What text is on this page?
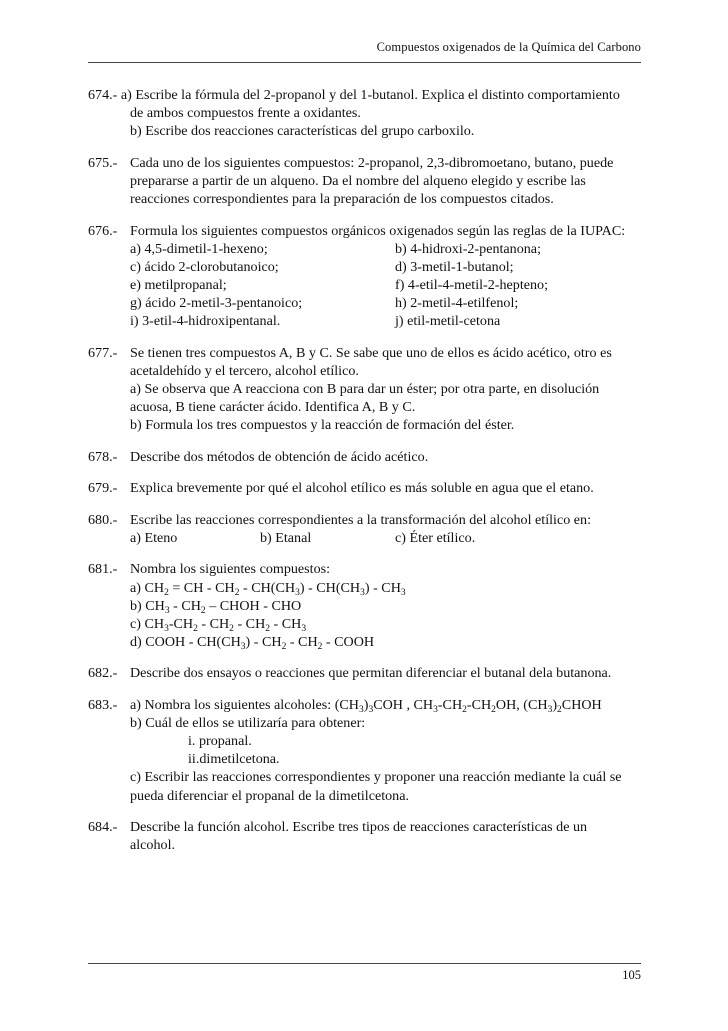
Compuestos oxigenados de la Química del Carbono
674.- a) Escribe la fórmula del 2-propanol y del 1-butanol. Explica el distinto comportamiento
de ambos compuestos frente a oxidantes.
b) Escribe dos reacciones características del grupo carboxilo.
675.- Cada uno de los siguientes compuestos: 2-propanol, 2,3-dibromoetano, butano, puede
prepararse a partir de un alqueno. Da el nombre del alqueno elegido y escribe las
reacciones correspondientes para la preparación de los compuestos citados.
676.- Formula los siguientes compuestos orgánicos oxigenados según las reglas de la IUPAC:
a) 4,5-dimetil-1-hexeno;	b) 4-hidroxi-2-pentanona;
c) ácido 2-clorobutanoico;	d) 3-metil-1-butanol;
e) metilpropanal;	f) 4-etil-4-metil-2-hepteno;
g) ácido 2-metil-3-pentanoico;	h) 2-metil-4-etilfenol;
i) 3-etil-4-hidroxipentanal.	j) etil-metil-cetona
677.- Se tienen tres compuestos A, B y C. Se sabe que uno de ellos es ácido acético, otro es
acetaldehído y el tercero, alcohol etílico.
a) Se observa que A reacciona con B para dar un éster; por otra parte, en disolución
acuosa, B tiene carácter ácido. Identifica A, B y C.
b) Formula los tres compuestos y la reacción de formación del éster.
678.- Describe dos métodos de obtención de ácido acético.
679.- Explica brevemente por qué el alcohol etílico es más soluble en agua que el etano.
680.- Escribe las reacciones correspondientes a la transformación del alcohol etílico en:
a) Eteno	b) Etanal	c) Éter etílico.
681.- Nombra los siguientes compuestos:
a) $CH_2$ = CH - $CH_2 - CH(CH_3) - CH(CH_3) - CH_3$
b) $CH_3 - CH_2$ – CHOH - CHO
c) $CH_3-CH_2 - CH_2 - CH_2 - CH_3$
d) COOH - $CH(CH_3) - CH_2 - CH_2$ - COOH
682.- Describe dos ensayos o reacciones que permitan diferenciar el butanal dela butanona.
683.- a) Nombra los siguientes alcoholes: $(CH_3)_3COH$ , $CH_3-CH_2-CH_2OH$, $(CH_3)_2CHOH$
b) Cuál de ellos se utilizaría para obtener:
i. propanal.
ii.dimetilcetona.
c) Escribir las reacciones correspondientes y proponer una reacción mediante la cuál se
pueda diferenciar el propanal de la dimetilcetona.
684.- Describe la función alcohol. Escribe tres tipos de reacciones características de un
alcohol.
105
